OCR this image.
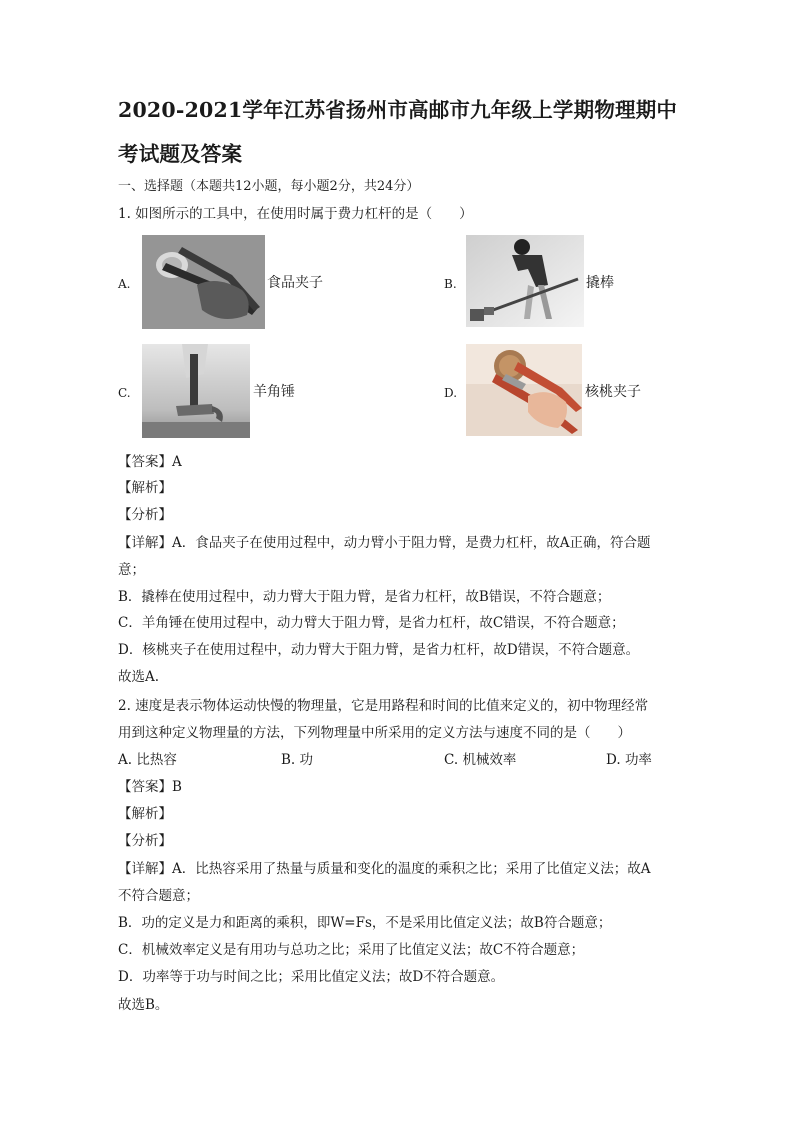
2020-2021学年江苏省扬州市高邮市九年级上学期物理期中
考试题及答案
一、选择题（本题共12小题，每小题2分，共24分）
1. 如图所示的工具中，在使用时属于费力杠杆的是（　　）
A.	食品夹子	B.	撬棒
C.	羊角锤	D.	核桃夹子
【答案】A
【解析】
【分析】
【详解】A．食品夹子在使用过程中，动力臂小于阻力臂，是费力杠杆，故A正确，符合题
意；
B．撬棒在使用过程中，动力臂大于阻力臂，是省力杠杆，故B错误，不符合题意；
C．羊角锤在使用过程中，动力臂大于阻力臂，是省力杠杆，故C错误，不符合题意；
D．核桃夹子在使用过程中，动力臂大于阻力臂，是省力杠杆，故D错误，不符合题意。
故选A.
2. 速度是表示物体运动快慢的物理量，它是用路程和时间的比值来定义的，初中物理经常
用到这种定义物理量的方法，下列物理量中所采用的定义方法与速度不同的是（　　）
A. 比热容	B. 功	C. 机械效率	D. 功率
【答案】B
【解析】
【分析】
【详解】A．比热容采用了热量与质量和变化的温度的乘积之比；采用了比值定义法；故A
不符合题意；
B．功的定义是力和距离的乘积，即W=Fs，不是采用比值定义法；故B符合题意；
C．机械效率定义是有用功与总功之比；采用了比值定义法；故C不符合题意；
D．功率等于功与时间之比；采用比值定义法；故D不符合题意。
故选B。
